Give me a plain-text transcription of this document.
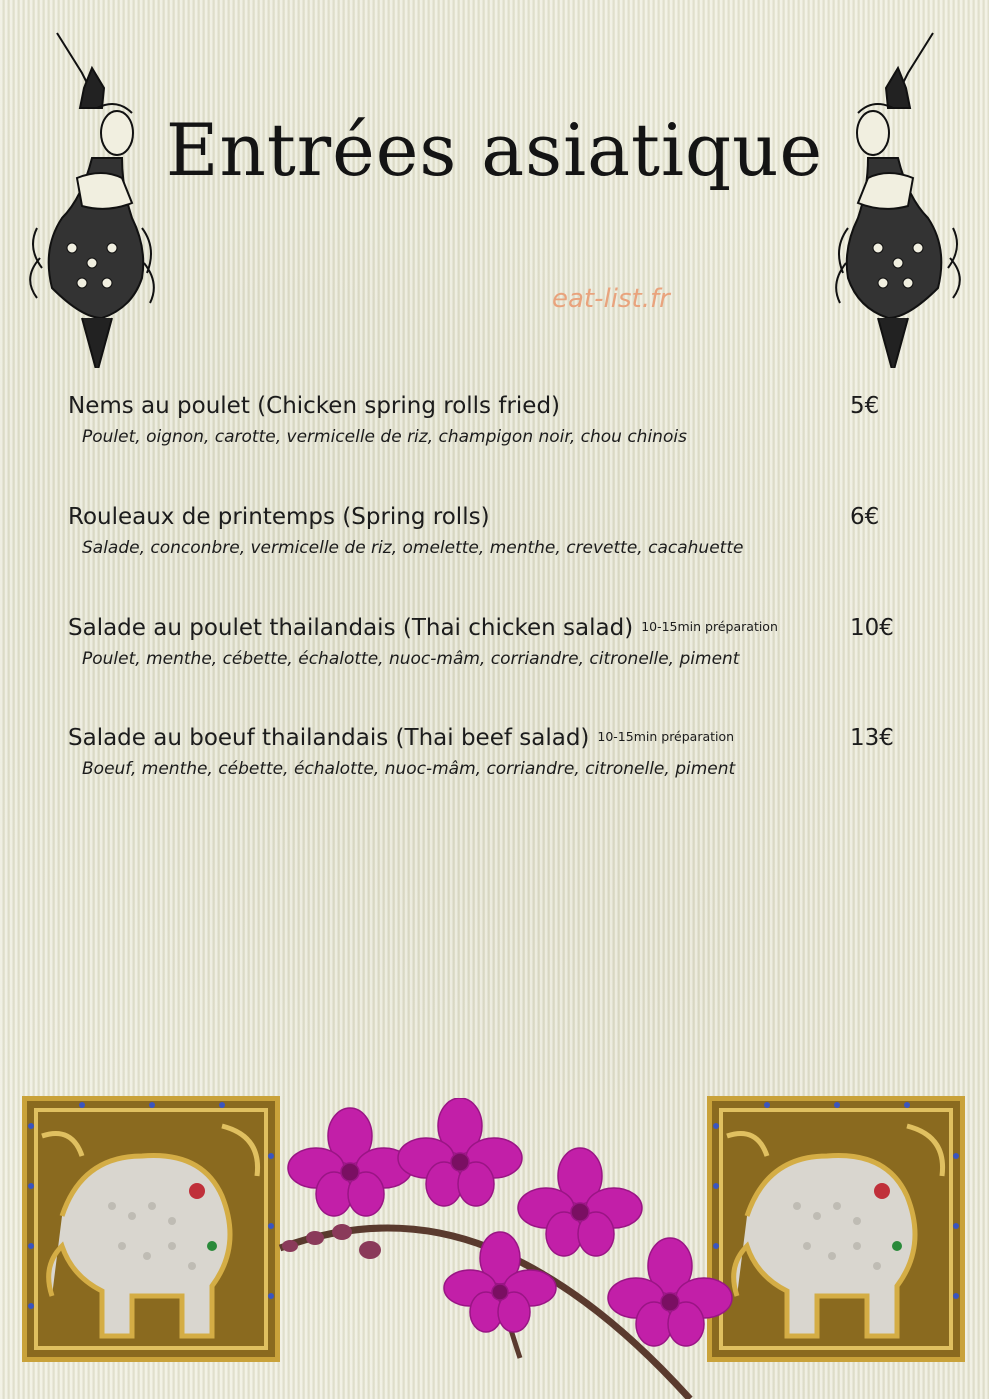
Entrées asiatique
eat-list.fr
Nems au poulet (Chicken spring rolls fried)	5€
Poulet, oignon, carotte, vermicelle de riz, champigon noir, chou chinois
Rouleaux de printemps (Spring rolls)	6€
Salade, conconbre, vermicelle de riz, omelette, menthe, crevette, cacahuette
Salade au poulet thailandais (Thai chicken salad) 10-15min préparation	10€
Poulet, menthe, cébette, échalotte, nuoc-mâm, corriandre, citronelle, piment
Salade au boeuf thailandais (Thai beef salad) 10-15min préparation	13€
Boeuf, menthe, cébette, échalotte, nuoc-mâm, corriandre, citronelle, piment
